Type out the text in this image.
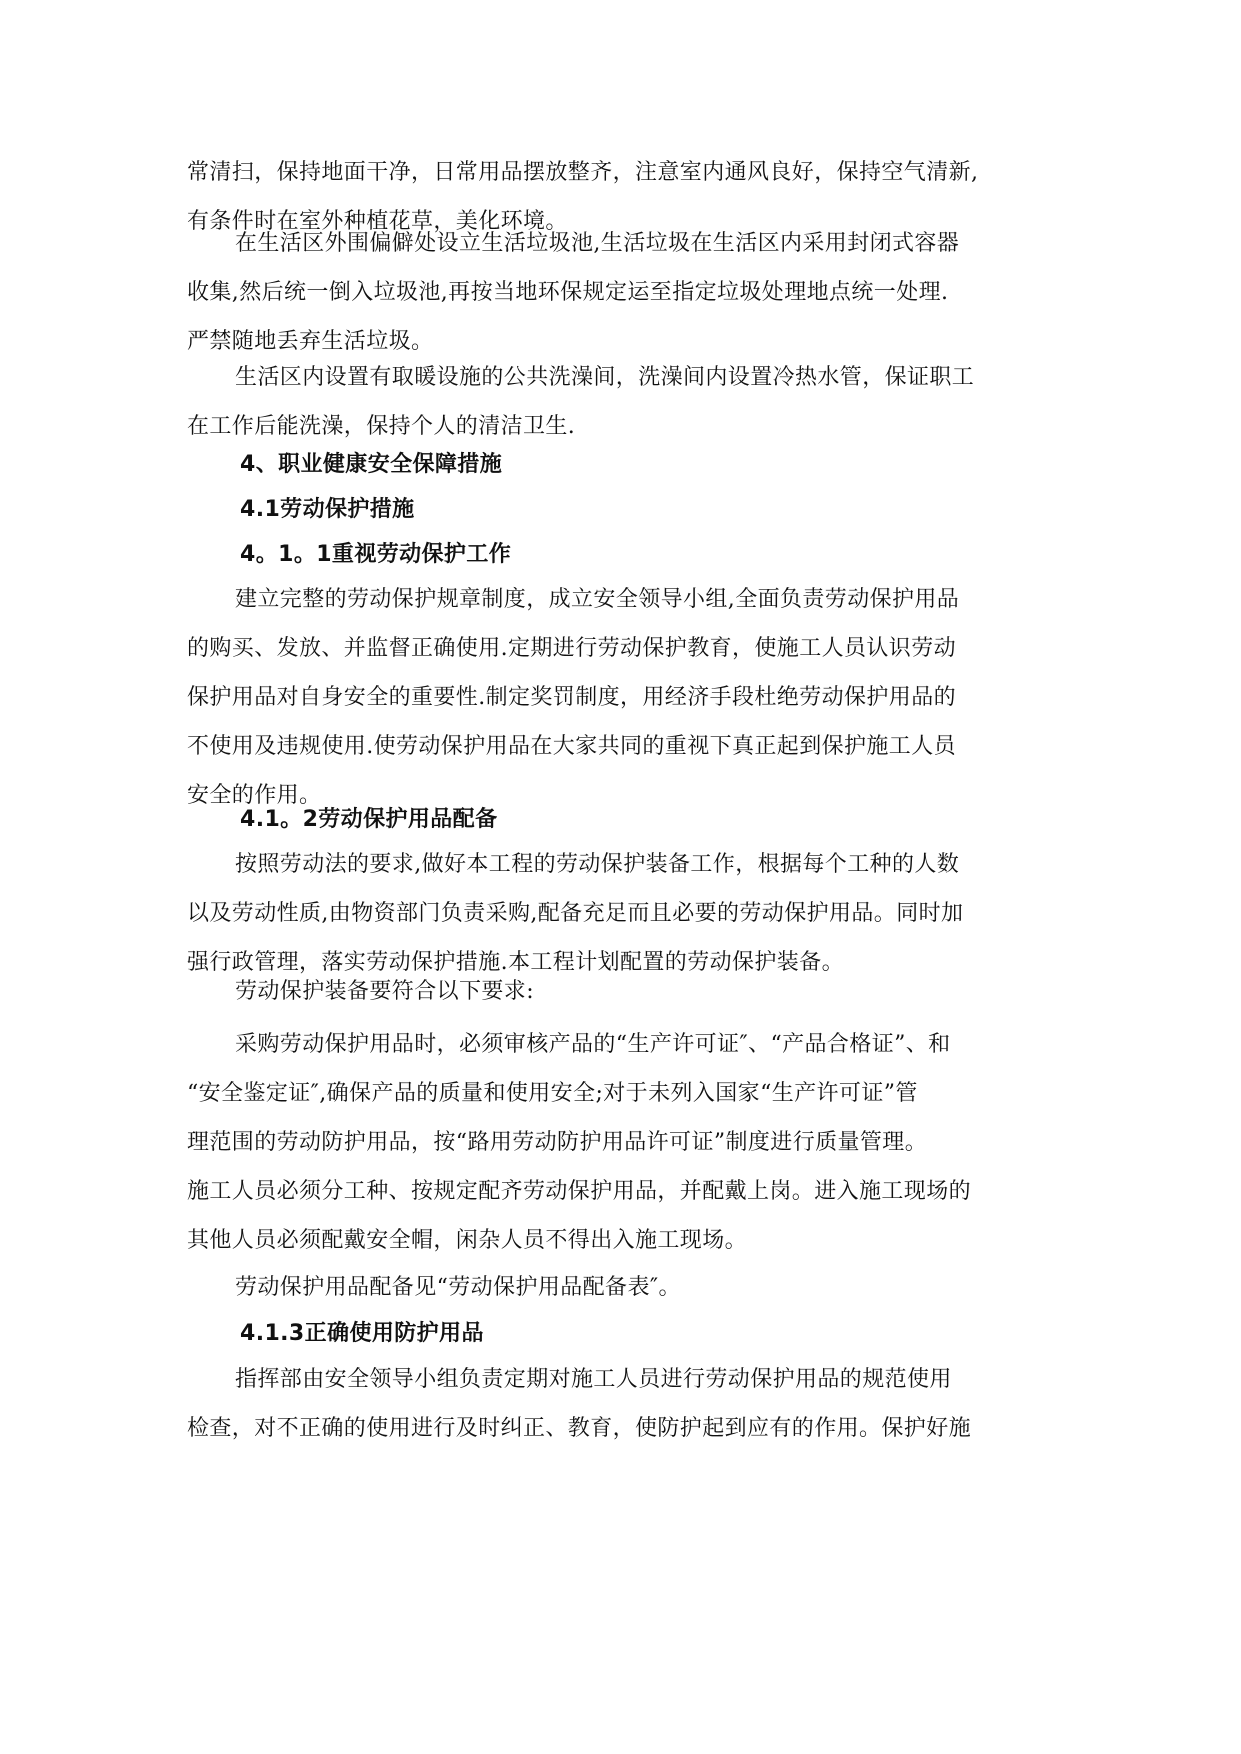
常清扫，保持地面干净，日常用品摆放整齐，注意室内通风良好，保持空气清新,
有条件时在室外种植花草，美化环境。
在生活区外围偏僻处设立生活垃圾池,生活垃圾在生活区内采用封闭式容器
收集,然后统一倒入垃圾池,再按当地环保规定运至指定垃圾处理地点统一处理.
严禁随地丢弃生活垃圾。
生活区内设置有取暖设施的公共洗澡间，洗澡间内设置冷热水管，保证职工
在工作后能洗澡，保持个人的清洁卫生.
4、职业健康安全保障措施
4.1劳动保护措施
4。1。1重视劳动保护工作
建立完整的劳动保护规章制度，成立安全领导小组,全面负责劳动保护用品
的购买、发放、并监督正确使用.定期进行劳动保护教育，使施工人员认识劳动
保护用品对自身安全的重要性.制定奖罚制度，用经济手段杜绝劳动保护用品的
不使用及违规使用.使劳动保护用品在大家共同的重视下真正起到保护施工人员
安全的作用。
4.1。2劳动保护用品配备
按照劳动法的要求,做好本工程的劳动保护装备工作，根据每个工种的人数
以及劳动性质,由物资部门负责采购,配备充足而且必要的劳动保护用品。同时加
强行政管理，落实劳动保护措施.本工程计划配置的劳动保护装备。
劳动保护装备要符合以下要求:
采购劳动保护用品时，必须审核产品的“生产许可证″、“产品合格证”、和
“安全鉴定证″,确保产品的质量和使用安全;对于未列入国家“生产许可证”管
理范围的劳动防护用品，按“路用劳动防护用品许可证”制度进行质量管理。
施工人员必须分工种、按规定配齐劳动保护用品，并配戴上岗。进入施工现场的
其他人员必须配戴安全帽，闲杂人员不得出入施工现场。
劳动保护用品配备见“劳动保护用品配备表″。
4.1.3正确使用防护用品
指挥部由安全领导小组负责定期对施工人员进行劳动保护用品的规范使用
检查，对不正确的使用进行及时纠正、教育，使防护起到应有的作用。保护好施
